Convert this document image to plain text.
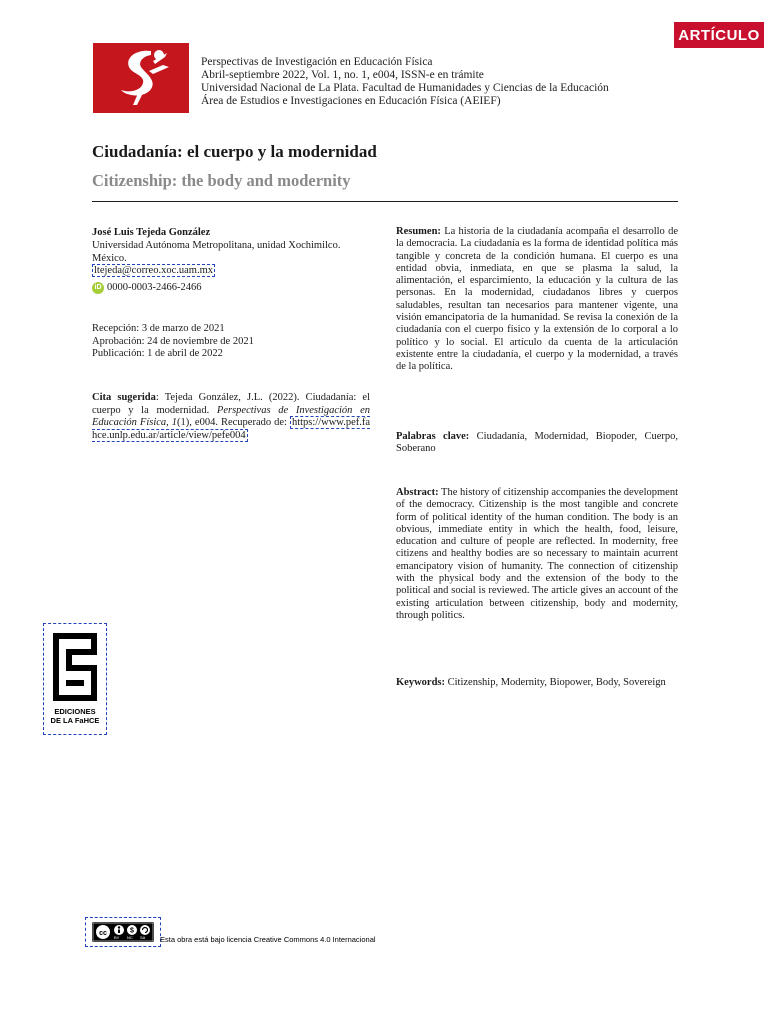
ARTÍCULO
Perspectivas de Investigación en Educación Física
Abril-septiembre 2022, Vol. 1, no. 1, e004, ISSN-e en trámite
Universidad Nacional de La Plata. Facultad de Humanidades y Ciencias de la Educación
Área de Estudios e Investigaciones en Educación Física (AEIEF)
Ciudadanía: el cuerpo y la modernidad
Citizenship: the body and modernity
José Luis Tejeda González
Universidad Autónoma Metropolitana, unidad Xochimilco. México.
ltejeda@correo.xoc.uam.mx
iD 0000-0003-2466-2466
Recepción: 3 de marzo de 2021
Aprobación: 24 de noviembre de 2021
Publicación: 1 de abril de 2022
Cita sugerida: Tejeda González, J.L. (2022). Ciudadanía: el cuerpo y la modernidad. Perspectivas de Investigación en Educación Física, 1(1), e004. Recuperado de: https://www.pef.fahce.unlp.edu.ar/article/view/pefe004
Resumen: La historia de la ciudadanía acompaña el desarrollo de la democracia. La ciudadanía es la forma de identidad política más tangible y concreta de la condición humana. El cuerpo es una entidad obvia, inmediata, en que se plasma la salud, la alimentación, el esparcimiento, la educación y la cultura de las personas. En la modernidad, ciudadanos libres y cuerpos saludables, resultan tan necesarios para mantener vigente, una visión emancipatoria de la humanidad. Se revisa la conexión de la ciudadanía con el cuerpo físico y la extensión de lo corporal a lo político y lo social. El artículo da cuenta de la articulación existente entre la ciudadanía, el cuerpo y la modernidad, a través de la política.
Palabras clave: Ciudadanía, Modernidad, Biopoder, Cuerpo, Soberano
Abstract: The history of citizenship accompanies the development of the democracy. Citizenship is the most tangible and concrete form of political identity of the human condition. The body is an obvious, immediate entity in which the health, food, leisure, education and culture of people are reflected. In modernity, free citizens and healthy bodies are so necessary to maintain acurrent emancipatory vision of humanity. The connection of citizenship with the physical body and the extension of the body to the political and social is reviewed. The article gives an account of the existing articulation between citizenship, body and modernity, through politics.
Keywords: Citizenship, Modernity, Biopower, Body, Sovereign
EDICIONES
DE LA FaHCE
cc	$
BY NC SA Esta obra está bajo licencia Creative Commons 4.0 Internacional
